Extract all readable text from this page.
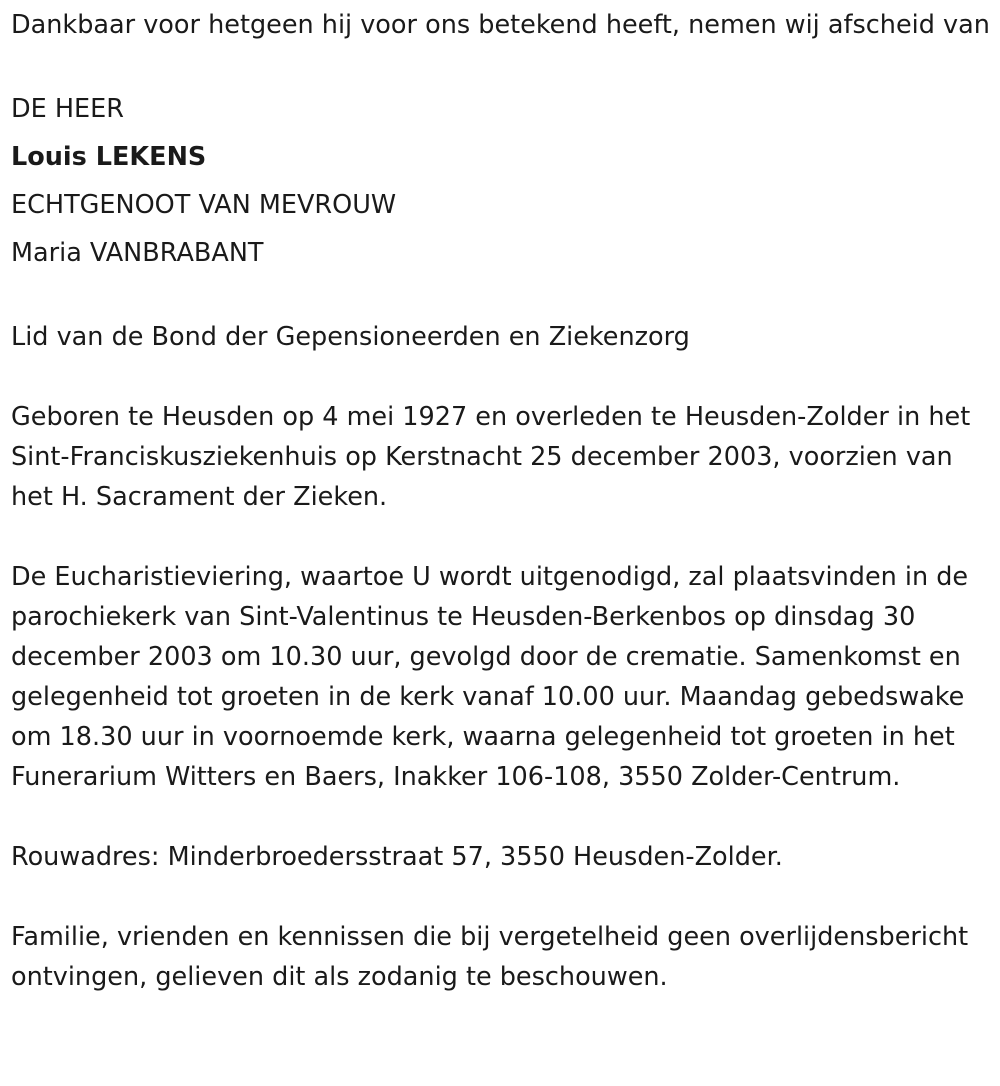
Dankbaar voor hetgeen hij voor ons betekend heeft, nemen wij afscheid van

DE HEER

Louis LEKENS

ECHTGENOOT VAN MEVROUW

Maria VANBRABANT

Lid van de Bond der Gepensioneerden en Ziekenzorg

Geboren te Heusden op 4 mei 1927 en overleden te Heusden-Zolder in het Sint-Franciskusziekenhuis op Kerstnacht 25 december 2003, voorzien van het H. Sacrament der Zieken.

De Eucharistieviering, waartoe U wordt uitgenodigd, zal plaatsvinden in de parochiekerk van Sint-Valentinus te Heusden-Berkenbos op dinsdag 30 december 2003 om 10.30 uur, gevolgd door de crematie. Samenkomst en gelegenheid tot groeten in de kerk vanaf 10.00 uur. Maandag gebedswake om 18.30 uur in voornoemde kerk, waarna gelegenheid tot groeten in het Funerarium Witters en Baers, Inakker 106-108, 3550 Zolder-Centrum.

Rouwadres: Minderbroedersstraat 57, 3550 Heusden-Zolder.

Familie, vrienden en kennissen die bij vergetelheid geen overlijdensbericht ontvingen, gelieven dit als zodanig te beschouwen.
